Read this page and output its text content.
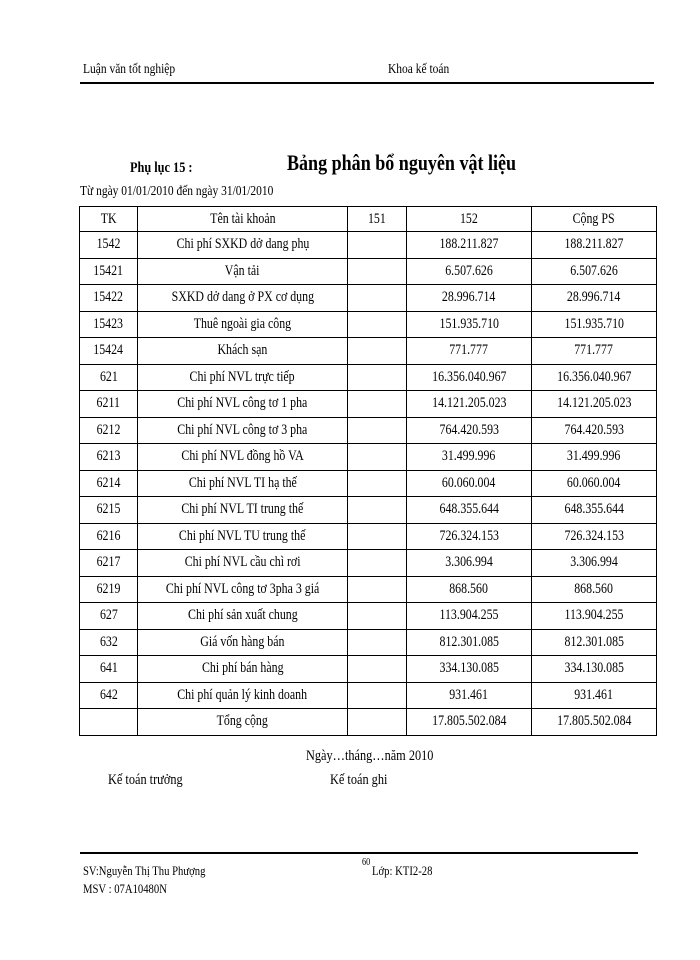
Luận văn tốt nghiệp	Khoa kế toán
Phụ lục 15 :	Bảng phân bổ nguyên vật liệu
Từ ngày 01/01/2010 đến ngày 31/01/2010
TK	Tên tài khoản	151	152	Cộng PS
1542	Chi phí SXKD dở dang phụ		188.211.827	188.211.827
15421	Vận tải		6.507.626	6.507.626
15422	SXKD dở dang ở PX cơ dụng		28.996.714	28.996.714
15423	Thuê ngoài gia công		151.935.710	151.935.710
15424	Khách sạn		771.777	771.777
621	Chi phí NVL trực tiếp		16.356.040.967	16.356.040.967
6211	Chi phí NVL công tơ 1 pha		14.121.205.023	14.121.205.023
6212	Chi phí NVL công tơ 3 pha		764.420.593	764.420.593
6213	Chi phí NVL đồng hồ VA		31.499.996	31.499.996
6214	Chi phí NVL TI hạ thế		60.060.004	60.060.004
6215	Chi phí NVL TI trung thế		648.355.644	648.355.644
6216	Chi phí NVL TU trung thế		726.324.153	726.324.153
6217	Chi phí NVL cầu chì rơi		3.306.994	3.306.994
6219	Chi phí NVL công tơ 3pha 3 giá		868.560	868.560
627	Chi phí sản xuất chung		113.904.255	113.904.255
632	Giá vốn hàng bán		812.301.085	812.301.085
641	Chi phí bán hàng		334.130.085	334.130.085
642	Chi phí quản lý kinh doanh		931.461	931.461
	Tổng cộng		17.805.502.084	17.805.502.084
Ngày…tháng…năm 2010
Kế toán trưởng	Kế toán ghi
SV:Nguyễn Thị Thu Phượng
MSV : 07A10480N
60
Lớp: KTI2-28
